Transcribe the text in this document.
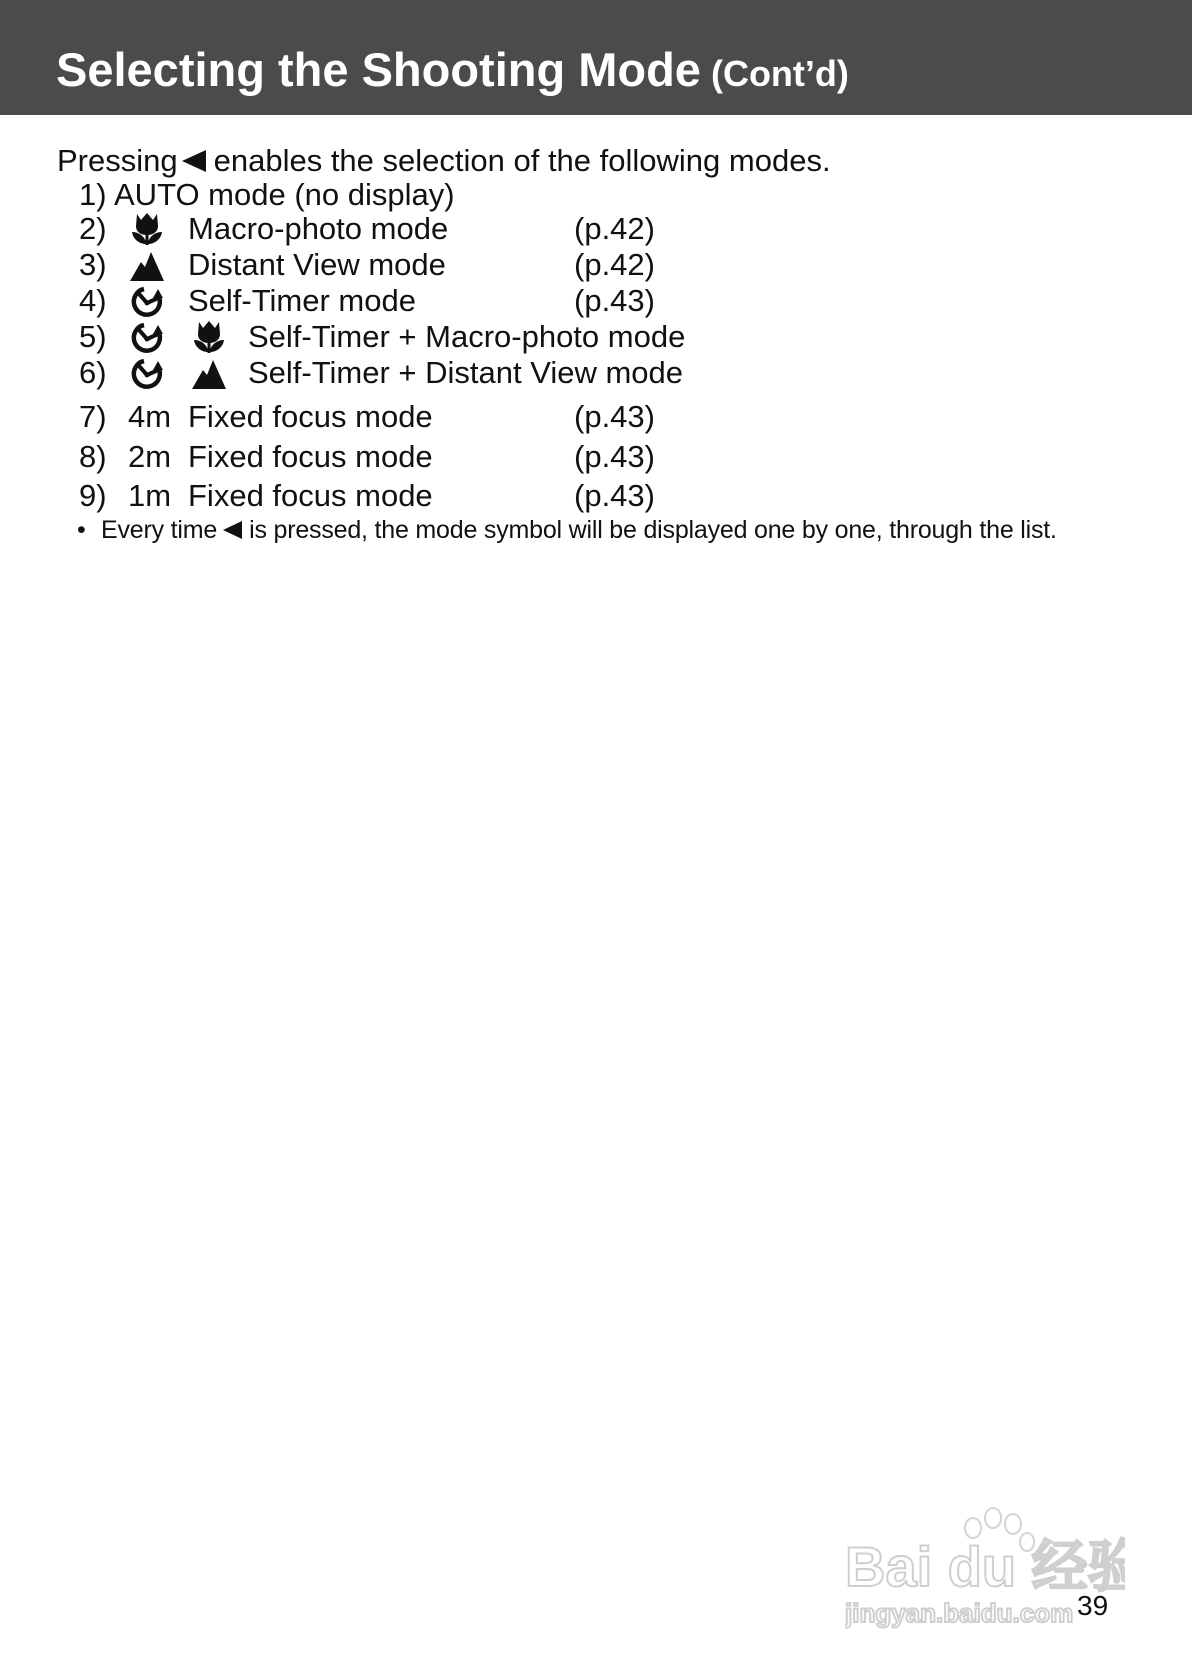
Selecting the Shooting Mode (Cont’d)
Pressing enables the selection of the following modes.
1) AUTO mode (no display)
2)	Macro-photo mode	(p.42)
3)	Distant View mode	(p.42)
4)	Self-Timer mode	(p.43)
5)	Self-Timer + Macro-photo mode
6)	Self-Timer + Distant View mode
7) 4m Fixed focus mode	(p.43)
8) 2m Fixed focus mode	(p.43)
9) 1m Fixed focus mode	(p.43)
• Every time is pressed, the mode symbol will be displayed one by one, through the list.
Bai du 经验
jingyan.baidu.com 39
